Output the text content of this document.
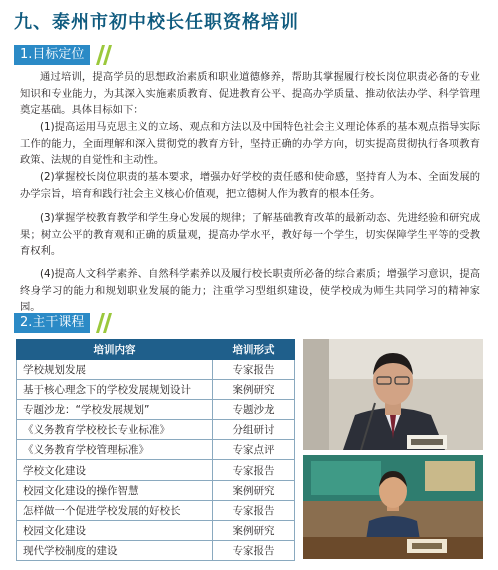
九、泰州市初中校长任职资格培训
1.目标定位

通过培训，提高学员的思想政治素质和职业道德修养，帮助其掌握履行校长岗位职责必备的专业知识和专业能力，为其深入实施素质教育、促进教育公平、提高办学质量、推动依法办学、科学管理奠定基础。具体目标如下：

(1)提高运用马克思主义的立场、观点和方法以及中国特色社会主义理论体系的基本观点指导实际工作的能力，全面理解和深入贯彻党的教育方针，坚持正确的办学方向，切实提高贯彻执行各项教育政策、法规的自觉性和主动性。

(2)掌握校长岗位职责的基本要求，增强办好学校的责任感和使命感，坚持育人为本、全面发展的办学宗旨，培育和践行社会主义核心价值观，把立德树人作为教育的根本任务。

(3)掌握学校教育教学和学生身心发展的规律；了解基础教育改革的最新动态、先进经验和研究成果；树立公平的教育观和正确的质量观，提高办学水平，教好每一个学生，切实保障学生平等的受教育权利。

(4)提高人文科学素养、自然科学素养以及履行校长职责所必备的综合素质；增强学习意识，提高终身学习的能力和规划职业发展的能力；注重学习型组织建设，使学校成为师生共同学习的精神家园。

2.主干课程
培训内容	培训形式
学校规划发展	专家报告
基于核心理念下的学校发展规划设计	案例研究
专题沙龙：“学校发展规划”	专题沙龙
《义务教育学校校长专业标准》	分组研讨
《义务教育学校管理标准》	专家点评
学校文化建设	专家报告
校园文化建设的操作智慧	案例研究
怎样做一个促进学校发展的好校长	专家报告
校园文化建设	案例研究
现代学校制度的建设	专家报告
